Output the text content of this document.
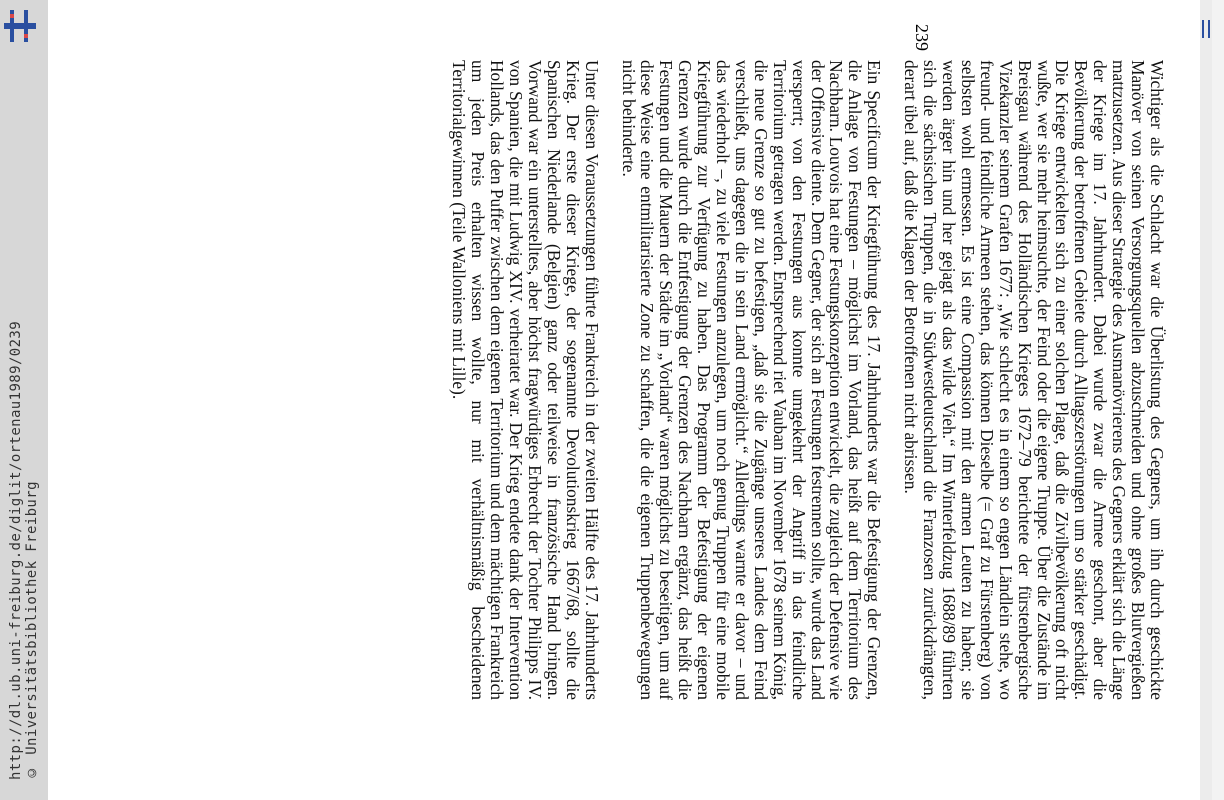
http://dl.ub.uni-freiburg.de/diglit/ortenau1989/0239 © Universitätsbibliothek Freiburg	Wichtiger als die Schlacht war die Überlistung des Gegners, um ihn durch geschickte Manöver von seinen Versorgungsquellen abzuschneiden und ohne großes Blutvergießen mattzusetzen. Aus dieser Strategie des Ausmanövrierens des Gegners erklärt sich die Länge der Kriege im 17. Jahrhundert. Dabei wurde zwar die Armee geschont, aber die Bevölkerung der betroffenen Gebiete durch Alltagszerstörungen um so stärker geschädigt. Die Kriege entwickelten sich zu einer solchen Plage, daß die Zivilbevölkerung oft nicht wußte, wer sie mehr heimsuchte, der Feind oder die eigene Truppe. Über die Zustände im Breisgau während des Holländischen Krieges 1672–79 berichtete der fürstenbergische Vizekanzler seinem Grafen 1677: „Wie schlecht es in einem so engen Ländlein stehe, wo freund- und feindliche Armeen stehen, das können Dieselbe (= Graf zu Fürstenberg) von selbsten wohl ermessen. Es ist eine Compassion mit den armen Leuten zu haben; sie werden ärger hin und her gejagt als das wilde Vieh.“ Im Winterfeldzug 1688/89 führten sich die sächsischen Truppen, die in Südwestdeutschland die Franzosen zurückdrängten, derart übel auf, daß die Klagen der Betroffenen nicht abrissen.

Ein Specificum der Kriegführung des 17. Jahrhunderts war die Befestigung der Grenzen, die Anlage von Festungen – möglichst im Vorland, das heißt auf dem Territorium des Nachbarn. Louvois hat eine Festungskonzeption entwickelt, die zugleich der Defensive wie der Offensive diente. Dem Gegner, der sich an Festungen festrennen sollte, wurde das Land versperrt; von den Festungen aus konnte umgekehrt der Angriff in das feindliche Territorium getragen werden. Entsprechend riet Vauban im November 1678 seinem König, die neue Grenze so gut zu befestigen, „daß sie die Zugänge unseres Landes dem Feind verschließt, uns dagegen die in sein Land ermöglicht.“ Allerdings warnte er davor – und das wiederholt –, zu viele Festungen anzulegen, um noch genug Truppen für eine mobile Kriegführung zur Verfügung zu haben. Das Programm der Befestigung der eigenen Grenzen wurde durch die Entfestigung der Grenzen des Nachbarn ergänzt, das heißt die Festungen und die Mauern der Städte im „Vorland“ waren möglichst zu beseitigen, um auf diese Weise eine entmilitarisierte Zone zu schaffen, die die eigenen Truppenbewegungen nicht behinderte.

Unter diesen Voraussetzungen führte Frankreich in der zweiten Hälfte des 17. Jahrhunderts Krieg. Der erste dieser Kriege, der sogenannte Devolutionskrieg 1667/68, sollte die Spanischen Niederlande (Belgien) ganz oder teilweise in französische Hand bringen. Vorwand war ein unterstelltes, aber höchst fragwürdiges Erbrecht der Tochter Philipps IV. von Spanien, die mit Ludwig XIV. verheiratet war. Der Krieg endete dank der Intervention Hollands, das den Puffer zwischen dem eigenen Territorium und dem mächtigen Frankreich um jeden Preis erhalten wissen wollte, nur mit verhältnismäßig bescheidenen Territorialgewinnen (Teile Walloniens mit Lille).

239
